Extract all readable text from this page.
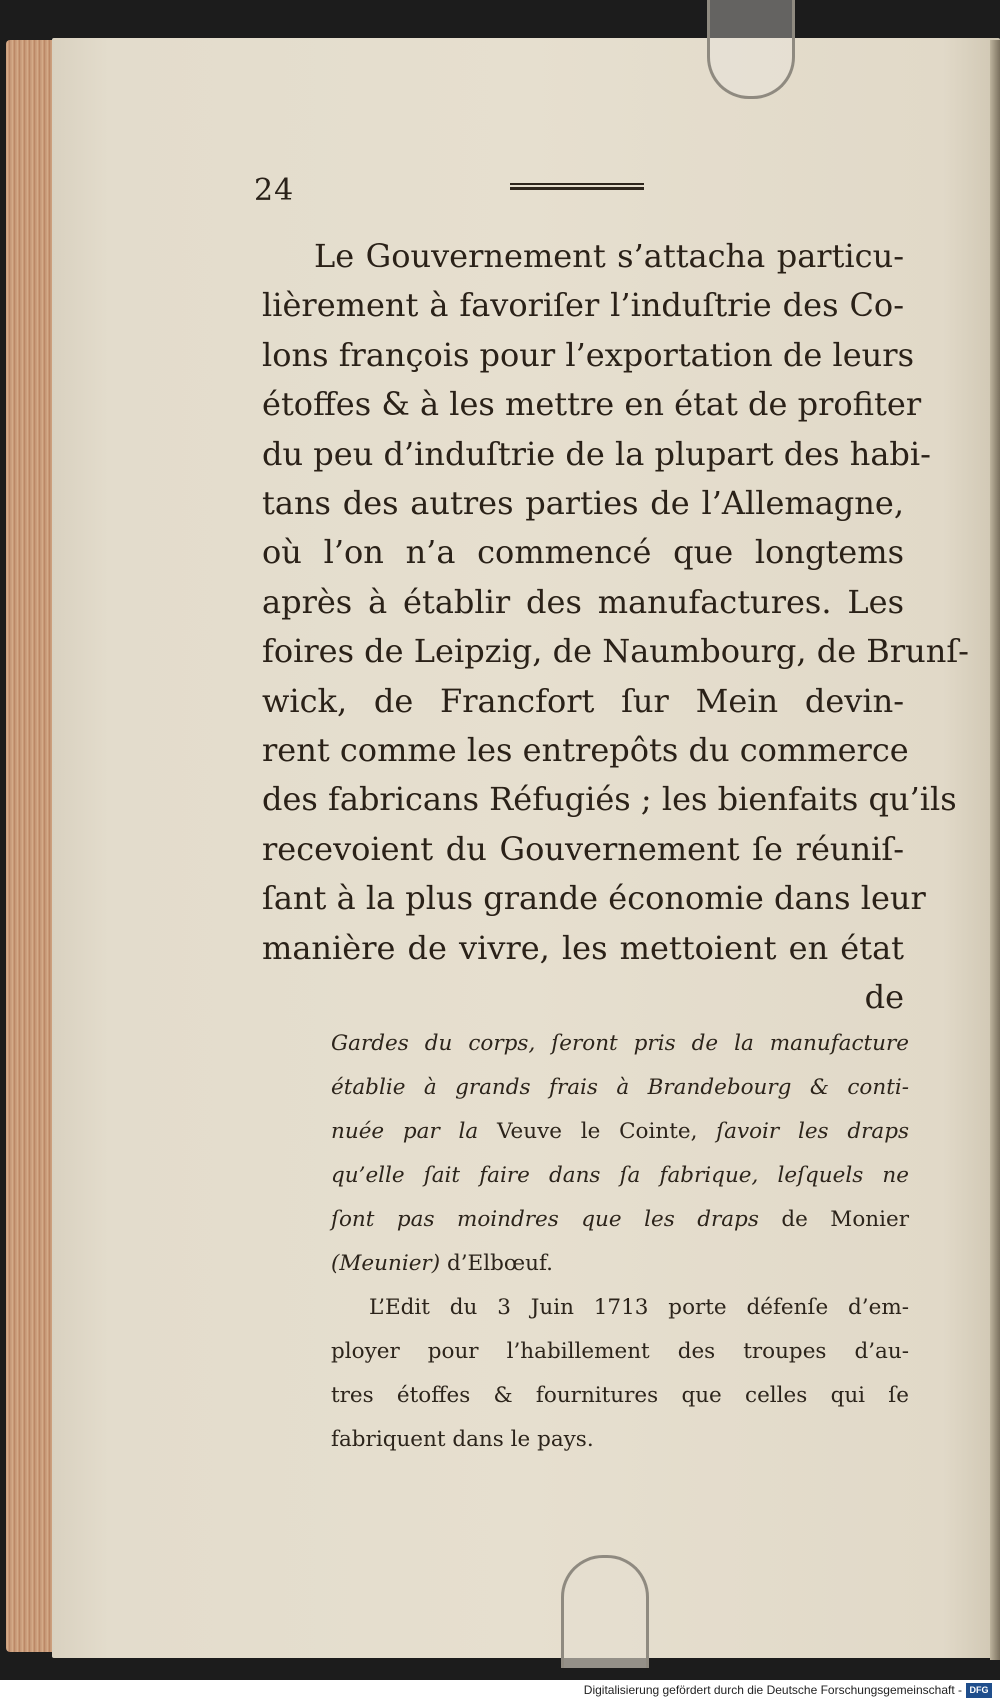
24
Le Gouvernement s’attacha particu-
lièrement à favoriſer l’induſtrie des Co-
lons françois pour l’exportation de leurs
étoffes & à les mettre en état de profiter
du peu d’induſtrie de la plupart des habi-
tans des autres parties de l’Allemagne,
où l’on n’a commencé que longtems
après à établir des manufactures. Les
foires de Leipzig, de Naumbourg, de Brunſ-
wick, de Francfort ſur Mein devin-
rent comme les entrepôts du commerce
des fabricans Réfugiés ; les bienfaits qu’ils
recevoient du Gouvernement ſe réuniſ-
ſant à la plus grande économie dans leur
manière de vivre, les mettoient en état
de
Gardes du corps, ſeront pris de la manufacture
établie à grands frais à Brandebourg & conti-
nuée par la Veuve le Cointe, ſavoir les draps
qu’elle ſait faire dans ſa fabrique, leſquels ne
ſont pas moindres que les draps de Monier
(Meunier) d’Elbœuf.
L’Edit du 3 Juin 1713 porte défenſe d’em-
ployer pour l’habillement des troupes d’au-
tres étoffes & fournitures que celles qui ſe
fabriquent dans le pays.
Digitalisierung gefördert durch die Deutsche Forschungsgemeinschaft - DFG
